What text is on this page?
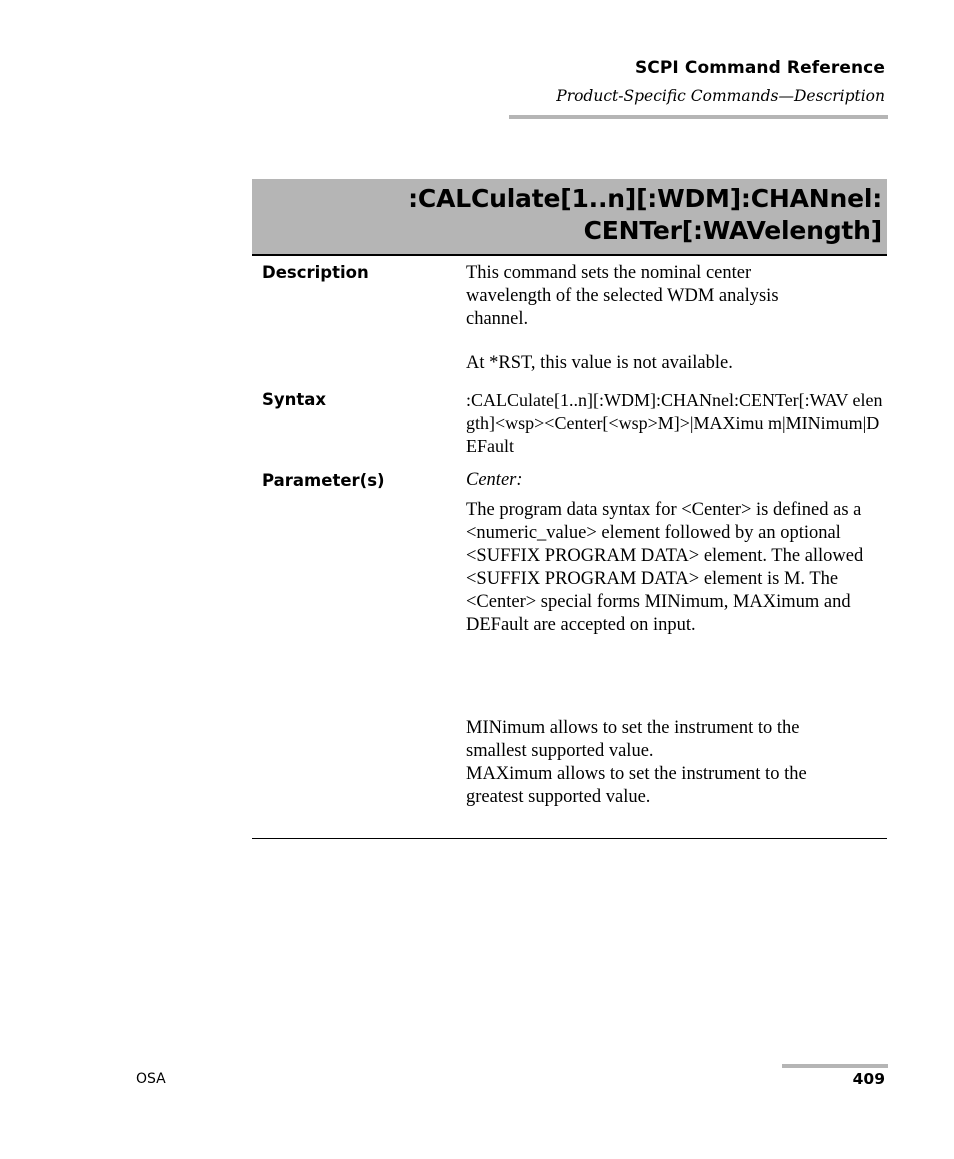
SCPI Command Reference
Product-Specific Commands—Description
:CALCulate[1..n][:WDM]:CHANnel:
CENTer[:WAVelength]
Description	This command sets the nominal center wavelength of the selected WDM analysis channel.

At *RST, this value is not available.

Syntax	:CALCulate[1..n][:WDM]:CHANnel:CENTer[:WAV elength]<wsp><Center[<wsp>M]>|MAXimu m|MINimum|DEFault

Parameter(s)	Center:

The program data syntax for <Center> is defined as a <numeric_value> element followed by an optional <SUFFIX PROGRAM DATA> element. The allowed <SUFFIX PROGRAM DATA> element is M. The <Center> special forms MINimum, MAXimum and DEFault are accepted on input.

MINimum allows to set the instrument to the smallest supported value.

MAXimum allows to set the instrument to the greatest supported value.

OSA	409
